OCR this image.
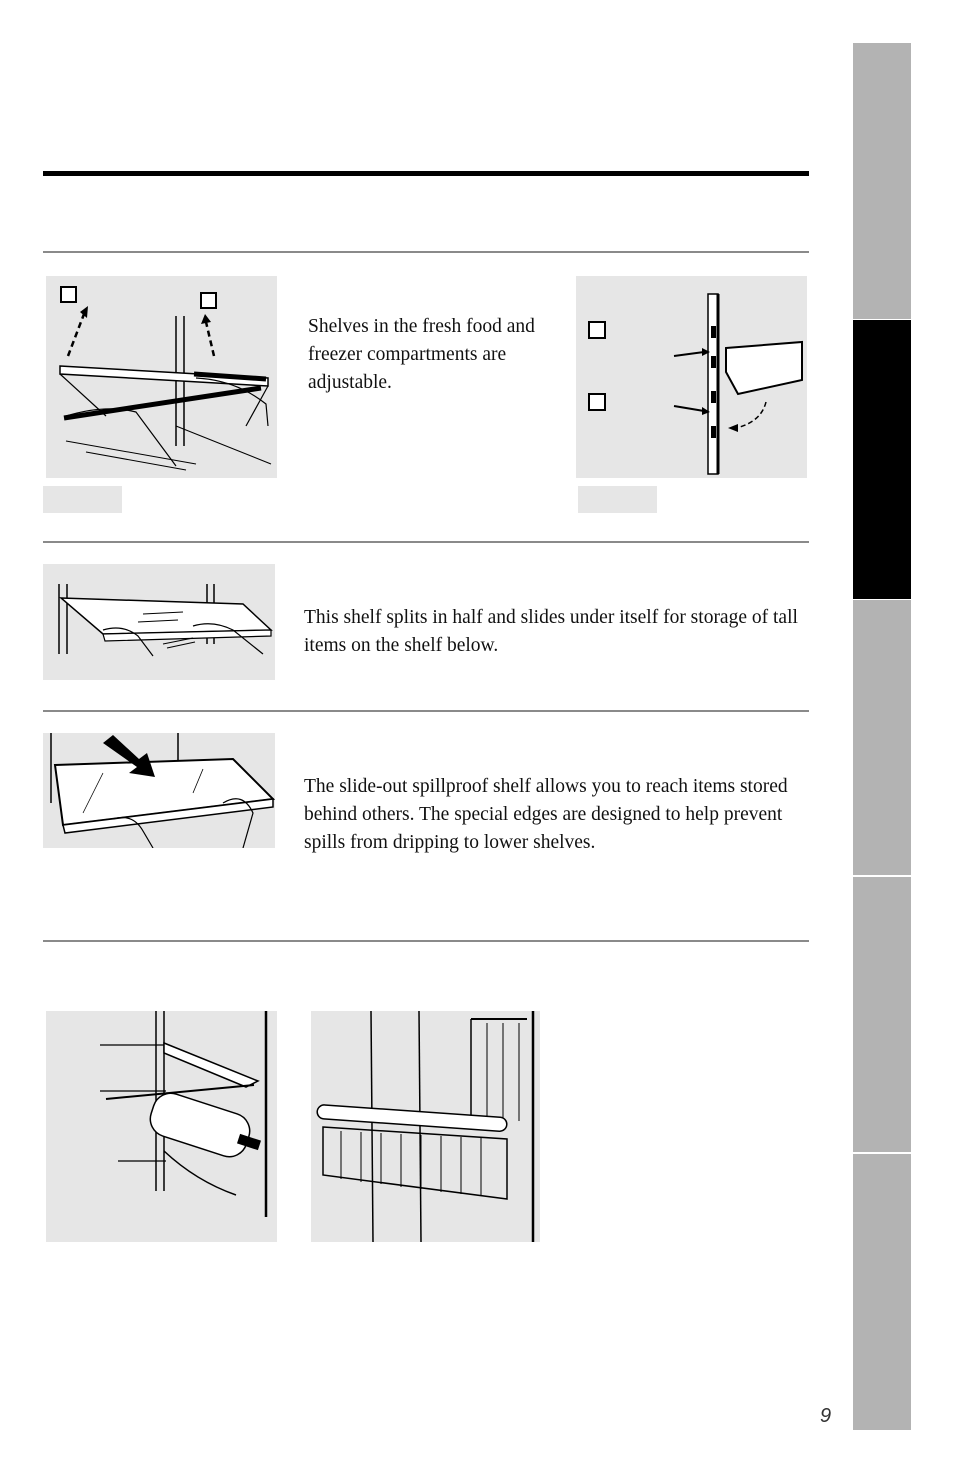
Shelves in the fresh food and freezer compartments are adjustable.
This shelf splits in half and slides under itself for storage of tall items on the shelf below.
The slide-out spillproof shelf allows you to reach items stored behind others. The special edges are designed to help prevent spills from dripping to lower shelves.
9
